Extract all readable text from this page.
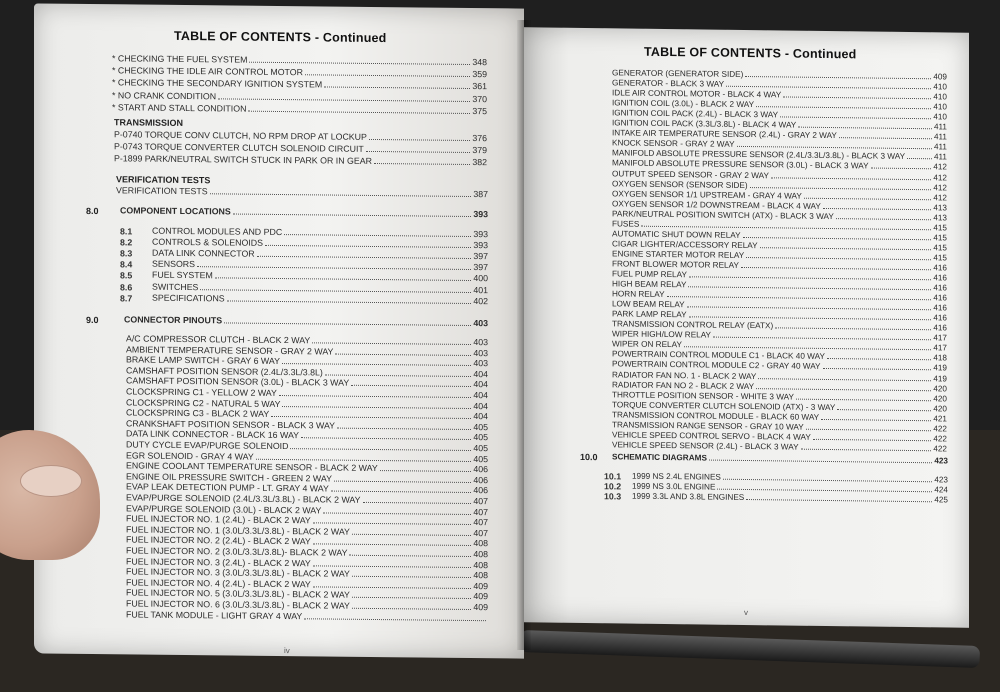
TABLE OF CONTENTS - Continued
* CHECKING THE FUEL SYSTEM	348
* CHECKING THE IDLE AIR CONTROL MOTOR	359
* CHECKING THE SECONDARY IGNITION SYSTEM	361
* NO CRANK CONDITION	370
* START AND STALL CONDITION	375
TRANSMISSION
P-0740 TORQUE CONV CLUTCH, NO RPM DROP AT LOCKUP	376
P-0743 TORQUE CONVERTER CLUTCH SOLENOID CIRCUIT	379
P-1899 PARK/NEUTRAL SWITCH STUCK IN PARK OR IN GEAR	382
VERIFICATION TESTS
VERIFICATION TESTS	387
8.0 COMPONENT LOCATIONS	393
8.1 CONTROL MODULES AND PDC	393
8.2 CONTROLS & SOLENOIDS	393
8.3 DATA LINK CONNECTOR	397
8.4 SENSORS	397
8.5 FUEL SYSTEM	400
8.6 SWITCHES	401
8.7 SPECIFICATIONS	402
9.0	CONNECTOR PINOUTS	403
A/C COMPRESSOR CLUTCH - BLACK 2 WAY	403
AMBIENT TEMPERATURE SENSOR - GRAY 2 WAY	403
BRAKE LAMP SWITCH - GRAY 6 WAY	403
CAMSHAFT POSITION SENSOR (2.4L/3.3L/3.8L)	404
CAMSHAFT POSITION SENSOR (3.0L) - BLACK 3 WAY	404
CLOCKSPRING C1 - YELLOW 2 WAY	404
CLOCKSPRING C2 - NATURAL 5 WAY	404
CLOCKSPRING C3 - BLACK 2 WAY	404
CRANKSHAFT POSITION SENSOR - BLACK 3 WAY	405
DATA LINK CONNECTOR - BLACK 16 WAY	405
DUTY CYCLE EVAP/PURGE SOLENOID	405
EGR SOLENOID - GRAY 4 WAY	405
ENGINE COOLANT TEMPERATURE SENSOR - BLACK 2 WAY	406
ENGINE OIL PRESSURE SWITCH - GREEN 2 WAY	406
EVAP LEAK DETECTION PUMP - LT. GRAY 4 WAY	406
EVAP/PURGE SOLENOID (2.4L/3.3L/3.8L) - BLACK 2 WAY	407
EVAP/PURGE SOLENOID (3.0L) - BLACK 2 WAY	407
FUEL INJECTOR NO. 1 (2.4L) - BLACK 2 WAY	407
FUEL INJECTOR NO. 1 (3.0L/3.3L/3.8L) - BLACK 2 WAY	407
FUEL INJECTOR NO. 2 (2.4L) - BLACK 2 WAY	408
FUEL INJECTOR NO. 2 (3.0L/3.3L/3.8L)- BLACK 2 WAY	408
FUEL INJECTOR NO. 3 (2.4L) - BLACK 2 WAY	408
FUEL INJECTOR NO. 3 (3.0L/3.3L/3.8L) - BLACK 2 WAY	408
FUEL INJECTOR NO. 4 (2.4L) - BLACK 2 WAY	409
FUEL INJECTOR NO. 5 (3.0L/3.3L/3.8L) - BLACK 2 WAY	409
FUEL INJECTOR NO. 6 (3.0L/3.3L/3.8L) - BLACK 2 WAY	409
FUEL TANK MODULE - LIGHT GRAY 4 WAY
iv
TABLE OF CONTENTS - Continued
GENERATOR (GENERATOR SIDE)	409
GENERATOR - BLACK 3 WAY	410
IDLE AIR CONTROL MOTOR - BLACK 4 WAY	410
IGNITION COIL (3.0L) - BLACK 2 WAY	410
IGNITION COIL PACK (2.4L) - BLACK 3 WAY	410
IGNITION COIL PACK (3.3L/3.8L) - BLACK 4 WAY	411
INTAKE AIR TEMPERATURE SENSOR (2.4L) - GRAY 2 WAY	411
KNOCK SENSOR - GRAY 2 WAY	411
MANIFOLD ABSOLUTE PRESSURE SENSOR (2.4L/3.3L/3.8L) - BLACK 3 WAY	411
MANIFOLD ABSOLUTE PRESSURE SENSOR (3.0L) - BLACK 3 WAY	412
OUTPUT SPEED SENSOR - GRAY 2 WAY	412
OXYGEN SENSOR (SENSOR SIDE)	412
OXYGEN SENSOR 1/1 UPSTREAM - GRAY 4 WAY	412
OXYGEN SENSOR 1/2 DOWNSTREAM - BLACK 4 WAY	413
PARK/NEUTRAL POSITION SWITCH (ATX) - BLACK 3 WAY	413
FUSES	415
AUTOMATIC SHUT DOWN RELAY	415
CIGAR LIGHTER/ACCESSORY RELAY	415
ENGINE STARTER MOTOR RELAY	415
FRONT BLOWER MOTOR RELAY	416
FUEL PUMP RELAY	416
HIGH BEAM RELAY	416
HORN RELAY	416
LOW BEAM RELAY	416
PARK LAMP RELAY	416
TRANSMISSION CONTROL RELAY (EATX)	416
WIPER HIGH/LOW RELAY	417
WIPER ON RELAY	417
POWERTRAIN CONTROL MODULE C1 - BLACK 40 WAY	418
POWERTRAIN CONTROL MODULE C2 - GRAY 40 WAY	419
RADIATOR FAN NO. 1 - BLACK 2 WAY	419
RADIATOR FAN NO 2 - BLACK 2 WAY	420
THROTTLE POSITION SENSOR - WHITE 3 WAY	420
TORQUE CONVERTER CLUTCH SOLENOID (ATX) - 3 WAY	420
TRANSMISSION CONTROL MODULE - BLACK 60 WAY	421
TRANSMISSION RANGE SENSOR - GRAY 10 WAY	422
VEHICLE SPEED CONTROL SERVO - BLACK 4 WAY	422
VEHICLE SPEED SENSOR (2.4L) - BLACK 3 WAY	422
10.0 SCHEMATIC DIAGRAMS	423
10.1 1999 NS 2.4L ENGINES	423
10.2 1999 NS 3.0L ENGINE	424
10.3 1999 3.3L AND 3.8L ENGINES	425
v
